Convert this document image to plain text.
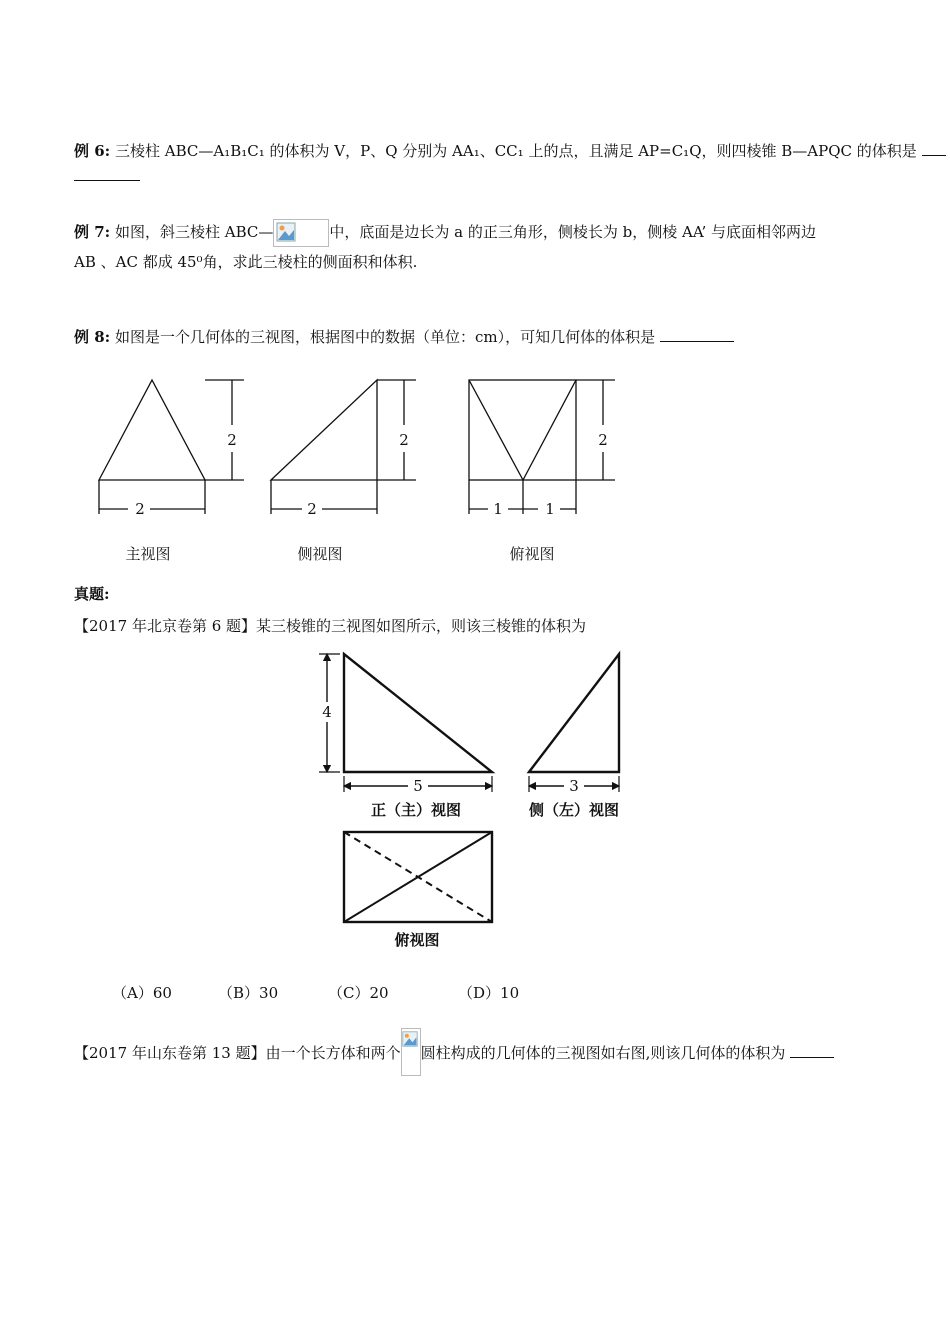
例 6: 三棱柱 ABC—A₁B₁C₁ 的体积为 V，P、Q 分别为 AA₁、CC₁ 上的点，且满足 AP=C₁Q，则四棱锥 B—APQC 的体积是
例 7: 如图，斜三棱柱 ABC—	中，底面是边长为 a 的正三角形，侧棱长为 b，侧棱 AA’ 与底面相邻两边
AB 、AC 都成 45⁰角，求此三棱柱的侧面积和体积.
例 8: 如图是一个几何体的三视图，根据图中的数据（单位：cm），可知几何体的体积是
2
2
2
2
2
1	1
主视图	侧视图	俯视图
真题:
【2017 年北京卷第 6 题】某三棱锥的三视图如图所示，则该三棱锥的体积为
4
5	3
正（主）视图	侧（左）视图
俯视图
（A）60	（B）30	（C）20	（D）10
【2017 年山东卷第 13 题】由一个长方体和两个 圆柱构成的几何体的三视图如右图,则该几何体的体积为
